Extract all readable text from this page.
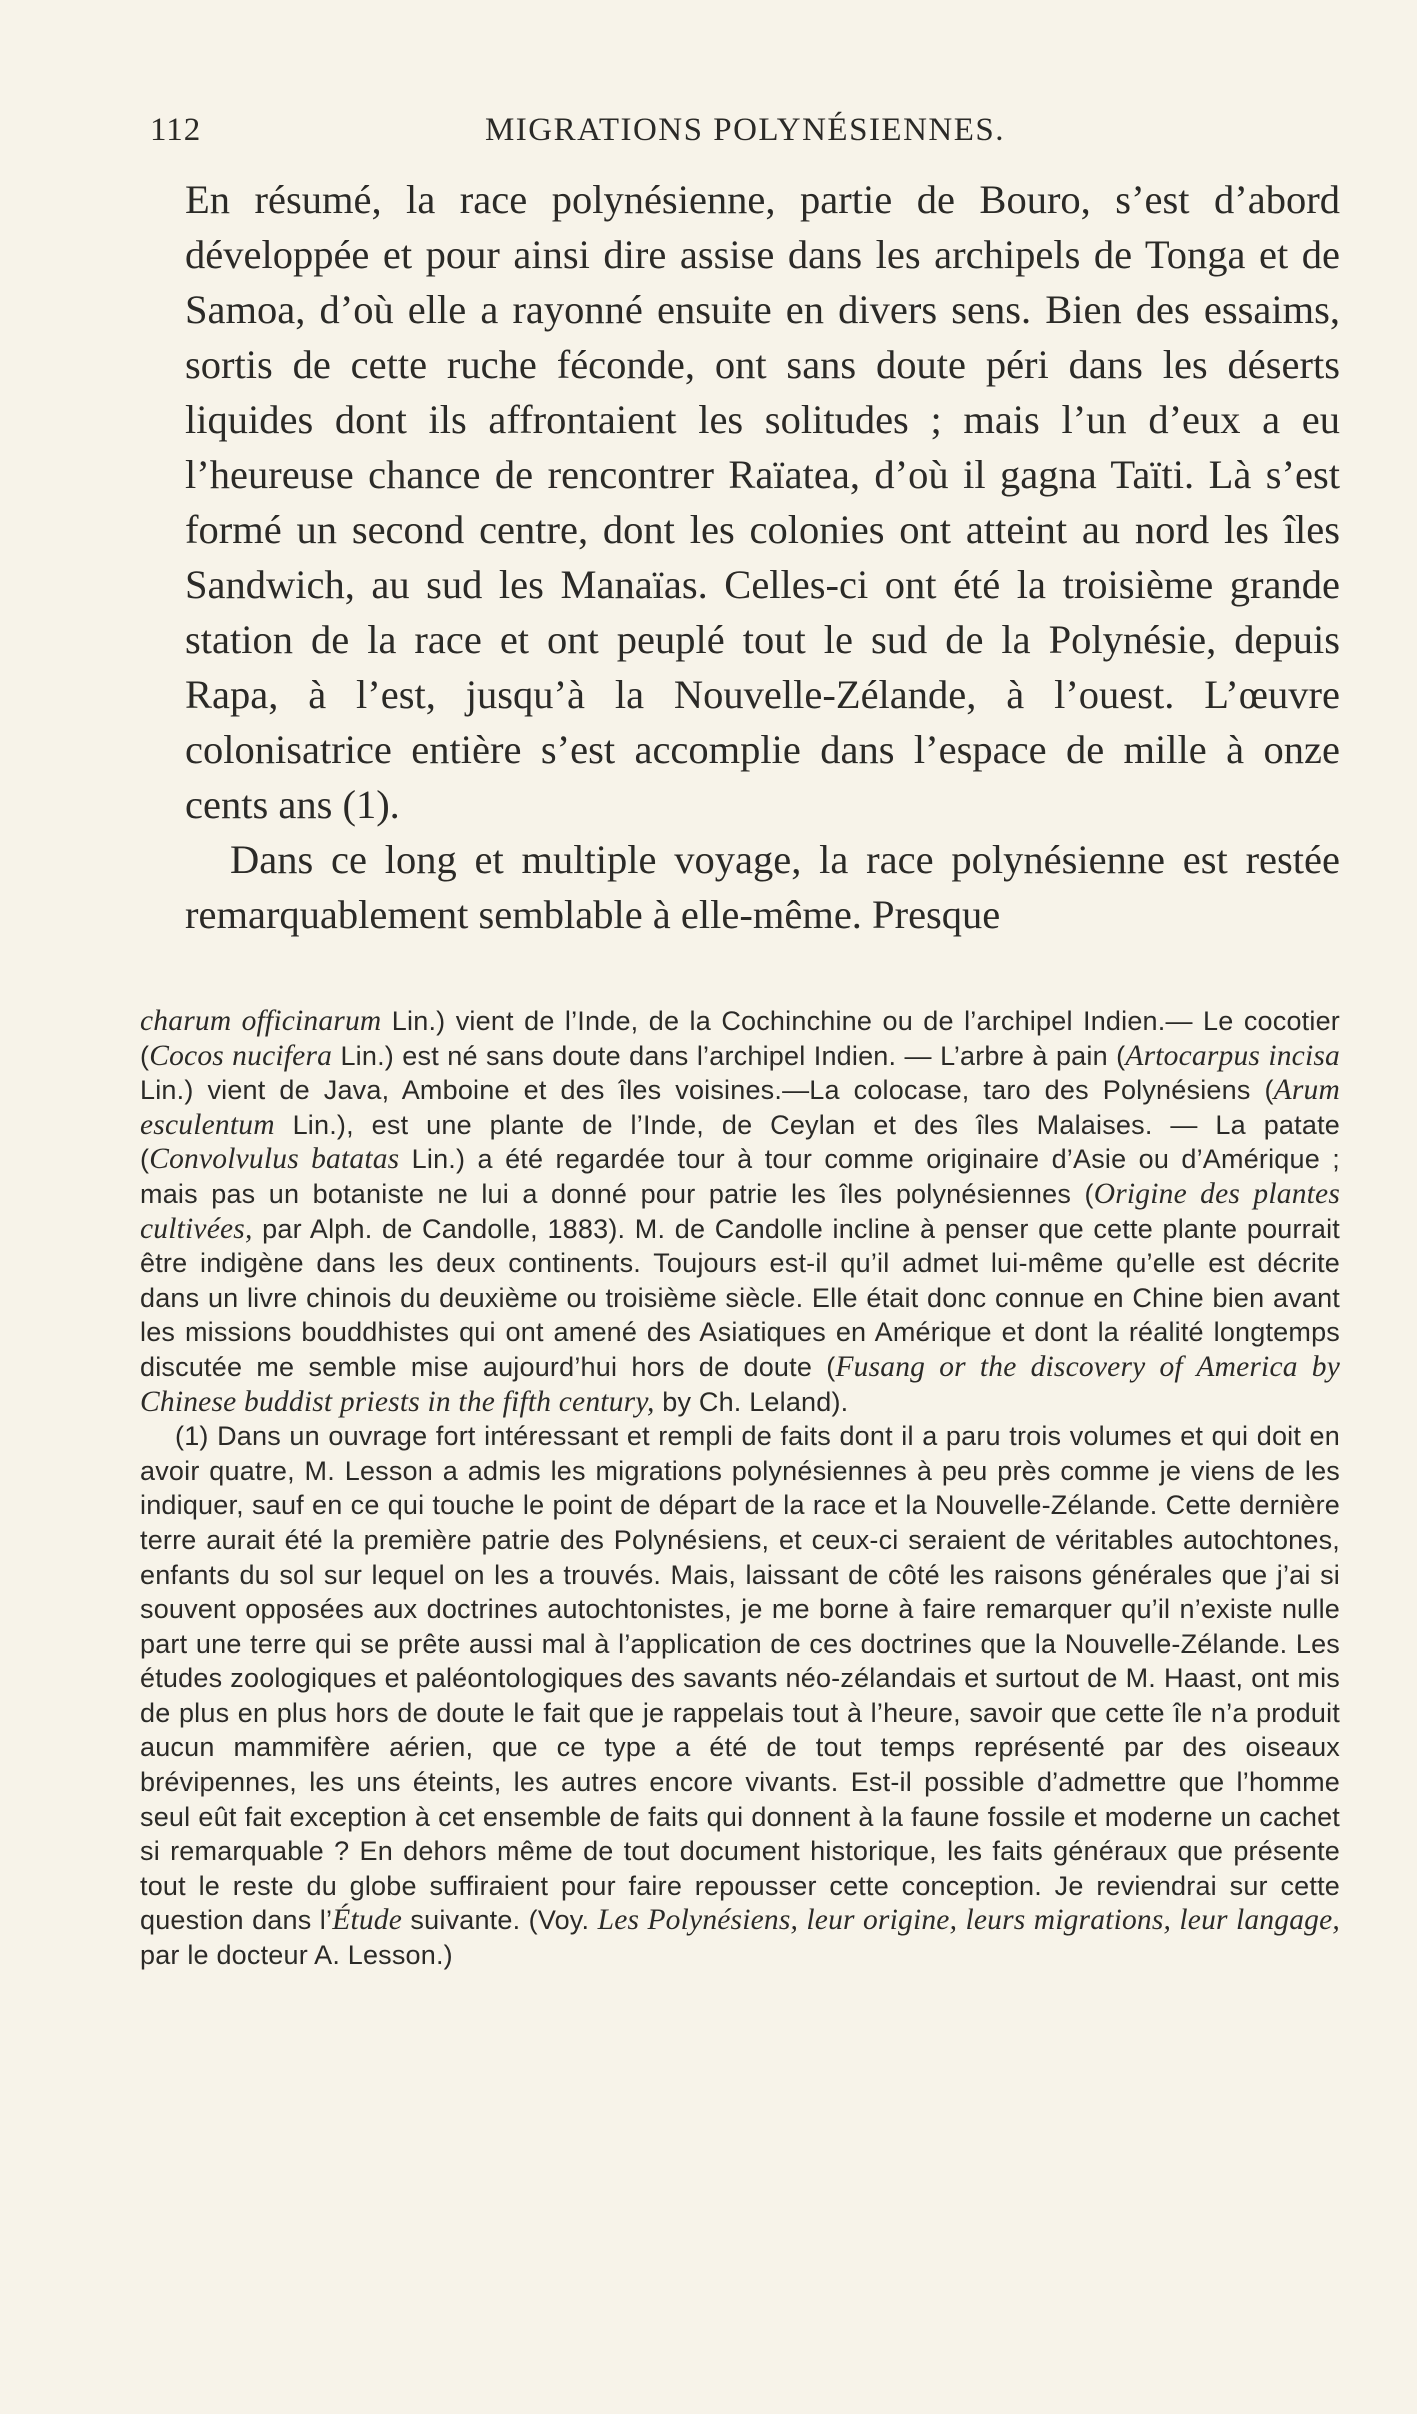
112	MIGRATIONS POLYNÉSIENNES.

En résumé, la race polynésienne, partie de Bouro, s’est d’abord développée et pour ainsi dire assise dans les archipels de Tonga et de Samoa, d’où elle a rayonné ensuite en divers sens. Bien des essaims, sortis de cette ruche féconde, ont sans doute péri dans les déserts liquides dont ils affrontaient les solitudes ; mais l’un d’eux a eu l’heureuse chance de rencontrer Raïatea, d’où il gagna Taïti. Là s’est formé un second centre, dont les colonies ont atteint au nord les îles Sandwich, au sud les Manaïas. Celles-ci ont été la troisième grande station de la race et ont peuplé tout le sud de la Polynésie, depuis Rapa, à l’est, jusqu’à la Nouvelle-Zélande, à l’ouest. L’œuvre colonisatrice entière s’est accomplie dans l’espace de mille à onze cents ans (1).

Dans ce long et multiple voyage, la race polynésienne est restée remarquablement semblable à elle-même. Presque

charum officinarum Lin.) vient de l’Inde, de la Cochinchine ou de l’archipel Indien.— Le cocotier (Cocos nucifera Lin.) est né sans doute dans l’archipel Indien. — L’arbre à pain (Artocarpus incisa Lin.) vient de Java, Amboine et des îles voisines.—La colocase, taro des Polynésiens (Arum esculentum Lin.), est une plante de l’Inde, de Ceylan et des îles Malaises. — La patate (Convolvulus batatas Lin.) a été regardée tour à tour comme originaire d’Asie ou d’Amérique ; mais pas un botaniste ne lui a donné pour patrie les îles polynésiennes (Origine des plantes cultivées, par Alph. de Candolle, 1883). M. de Candolle incline à penser que cette plante pourrait être indigène dans les deux continents. Toujours est-il qu’il admet lui-même qu’elle est décrite dans un livre chinois du deuxième ou troisième siècle. Elle était donc connue en Chine bien avant les missions bouddhistes qui ont amené des Asiatiques en Amérique et dont la réalité longtemps discutée me semble mise aujourd’hui hors de doute (Fusang or the discovery of America by Chinese buddist priests in the fifth century, by Ch. Leland).

(1) Dans un ouvrage fort intéressant et rempli de faits dont il a paru trois volumes et qui doit en avoir quatre, M. Lesson a admis les migrations polynésiennes à peu près comme je viens de les indiquer, sauf en ce qui touche le point de départ de la race et la Nouvelle-Zélande. Cette dernière terre aurait été la première patrie des Polynésiens, et ceux-ci seraient de véritables autochtones, enfants du sol sur lequel on les a trouvés. Mais, laissant de côté les raisons générales que j’ai si souvent opposées aux doctrines autochtonistes, je me borne à faire remarquer qu’il n’existe nulle part une terre qui se prête aussi mal à l’application de ces doctrines que la Nouvelle-Zélande. Les études zoologiques et paléontologiques des savants néo-zélandais et surtout de M. Haast, ont mis de plus en plus hors de doute le fait que je rappelais tout à l’heure, savoir que cette île n’a produit aucun mammifère aérien, que ce type a été de tout temps représenté par des oiseaux brévipennes, les uns éteints, les autres encore vivants. Est-il possible d’admettre que l’homme seul eût fait exception à cet ensemble de faits qui donnent à la faune fossile et moderne un cachet si remarquable ? En dehors même de tout document historique, les faits généraux que présente tout le reste du globe suffiraient pour faire repousser cette conception. Je reviendrai sur cette question dans l’Étude suivante. (Voy. Les Polynésiens, leur origine, leurs migrations, leur langage, par le docteur A. Lesson.)
